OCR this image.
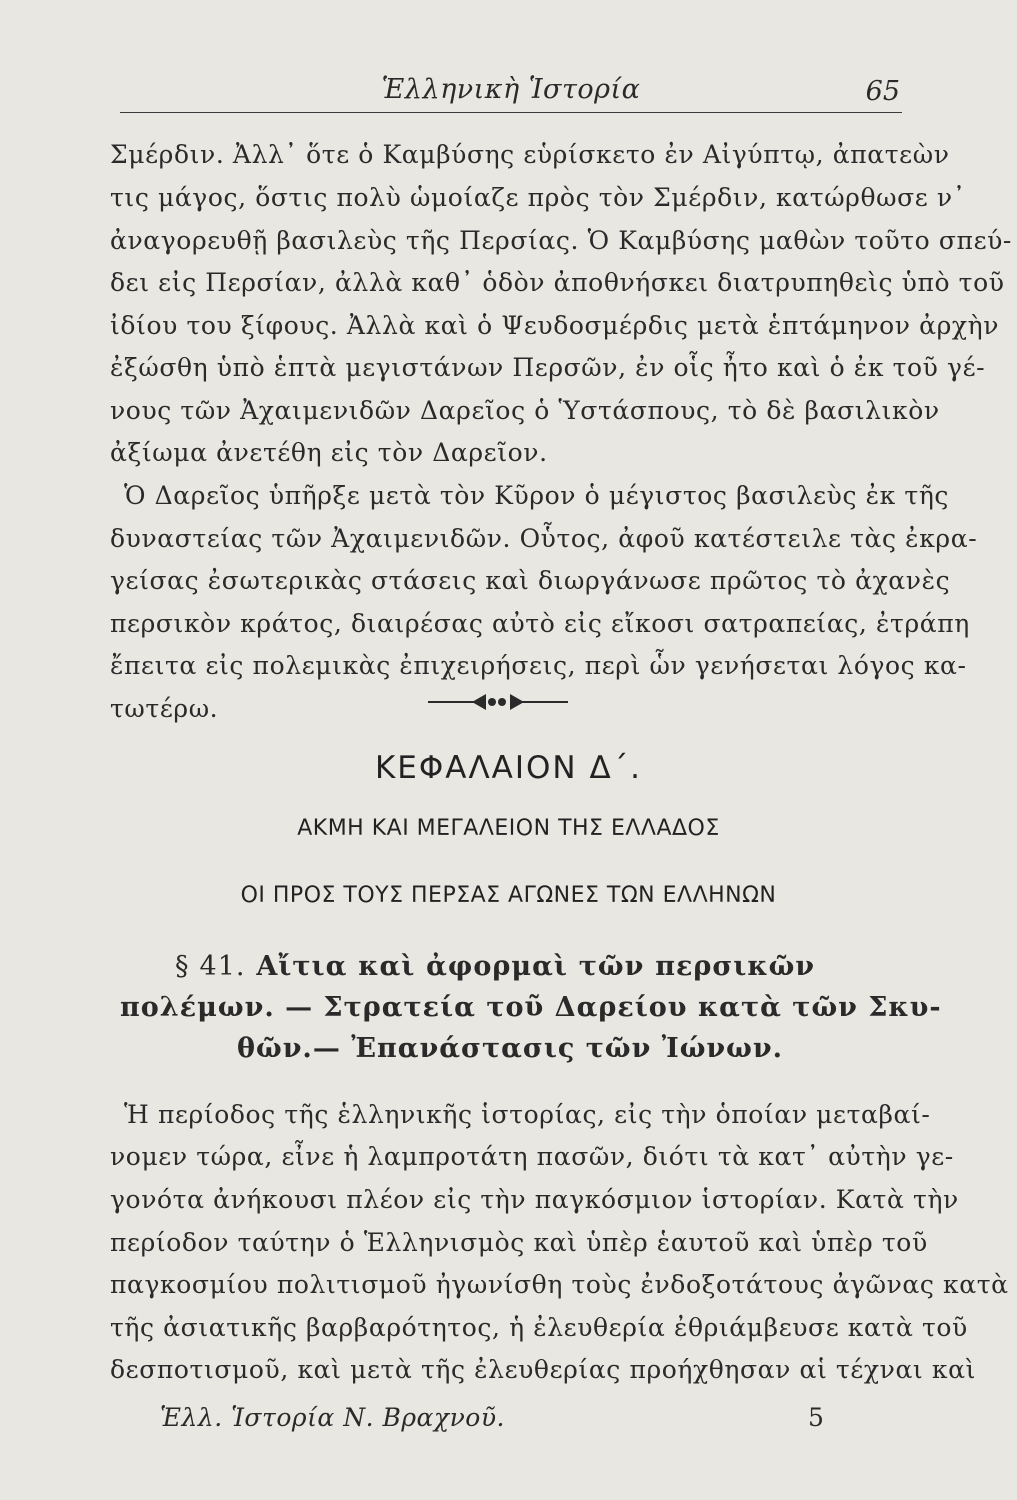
Ἑλληνικὴ Ἱστορία	65
Σμέρδιν. Ἀλλ᾽ ὅτε ὁ Καμβύσης εὑρίσκετο ἐν Αἰγύπτῳ, ἀπατεὼν
τις μάγος, ὅστις πολὺ ὡμοίαζε πρὸς τὸν Σμέρδιν, κατώρθωσε ν᾽
ἀναγορευθῇ βασιλεὺς τῆς Περσίας. Ὁ Καμβύσης μαθὼν τοῦτο σπεύ-
δει εἰς Περσίαν, ἀλλὰ καθ᾽ ὁδὸν ἀποθνήσκει διατρυπηθεὶς ὑπὸ τοῦ
ἰδίου του ξίφους. Ἀλλὰ καὶ ὁ Ψευδοσμέρδις μετὰ ἑπτάμηνον ἀρχὴν
ἐξώσθη ὑπὸ ἑπτὰ μεγιστάνων Περσῶν, ἐν οἷς ἦτο καὶ ὁ ἐκ τοῦ γέ-
νους τῶν Ἀχαιμενιδῶν Δαρεῖος ὁ Ὑστάσπους, τὸ δὲ βασιλικὸν
ἀξίωμα ἀνετέθη εἰς τὸν Δαρεῖον.
Ὁ Δαρεῖος ὑπῆρξε μετὰ τὸν Κῦρον ὁ μέγιστος βασιλεὺς ἐκ τῆς
δυναστείας τῶν Ἀχαιμενιδῶν. Οὗτος, ἀφοῦ κατέστειλε τὰς ἐκρα-
γείσας ἐσωτερικὰς στάσεις καὶ διωργάνωσε πρῶτος τὸ ἀχανὲς
περσικὸν κράτος, διαιρέσας αὐτὸ εἰς εἴκοσι σατραπείας, ἐτράπη
ἔπειτα εἰς πολεμικὰς ἐπιχειρήσεις, περὶ ὧν γενήσεται λόγος κα-
τωτέρω.
ΚΕΦΑΛΑΙΟΝ Δ΄.
ΑΚΜΗ ΚΑΙ ΜΕΓΑΛΕΙΟΝ ΤΗΣ ΕΛΛΑΔΟΣ
ΟΙ ΠΡΟΣ ΤΟΥΣ ΠΕΡΣΑΣ ΑΓΩΝΕΣ ΤΩΝ ΕΛΛΗΝΩΝ
§ 41. Αἴτια καὶ ἀφορμαὶ τῶν περσικῶν
πολέμων. — Στρατεία τοῦ Δαρείου κατὰ τῶν Σκυ-
θῶν.— Ἐπανάστασις τῶν Ἰώνων.
Ἡ περίοδος τῆς ἑλληνικῆς ἱστορίας, εἰς τὴν ὁποίαν μεταβαί-
νομεν τώρα, εἶνε ἡ λαμπροτάτη πασῶν, διότι τὰ κατ᾽ αὐτὴν γε-
γονότα ἀνήκουσι πλέον εἰς τὴν παγκόσμιον ἱστορίαν. Κατὰ τὴν
περίοδον ταύτην ὁ Ἑλληνισμὸς καὶ ὑπὲρ ἑαυτοῦ καὶ ὑπὲρ τοῦ
παγκοσμίου πολιτισμοῦ ἠγωνίσθη τοὺς ἐνδοξοτάτους ἀγῶνας κατὰ
τῆς ἀσιατικῆς βαρβαρότητος, ἡ ἐλευθερία ἐθριάμβευσε κατὰ τοῦ
δεσποτισμοῦ, καὶ μετὰ τῆς ἐλευθερίας προήχθησαν αἱ τέχναι καὶ
Ἑλλ. Ἱστορία Ν. Βραχνοῦ.	5
